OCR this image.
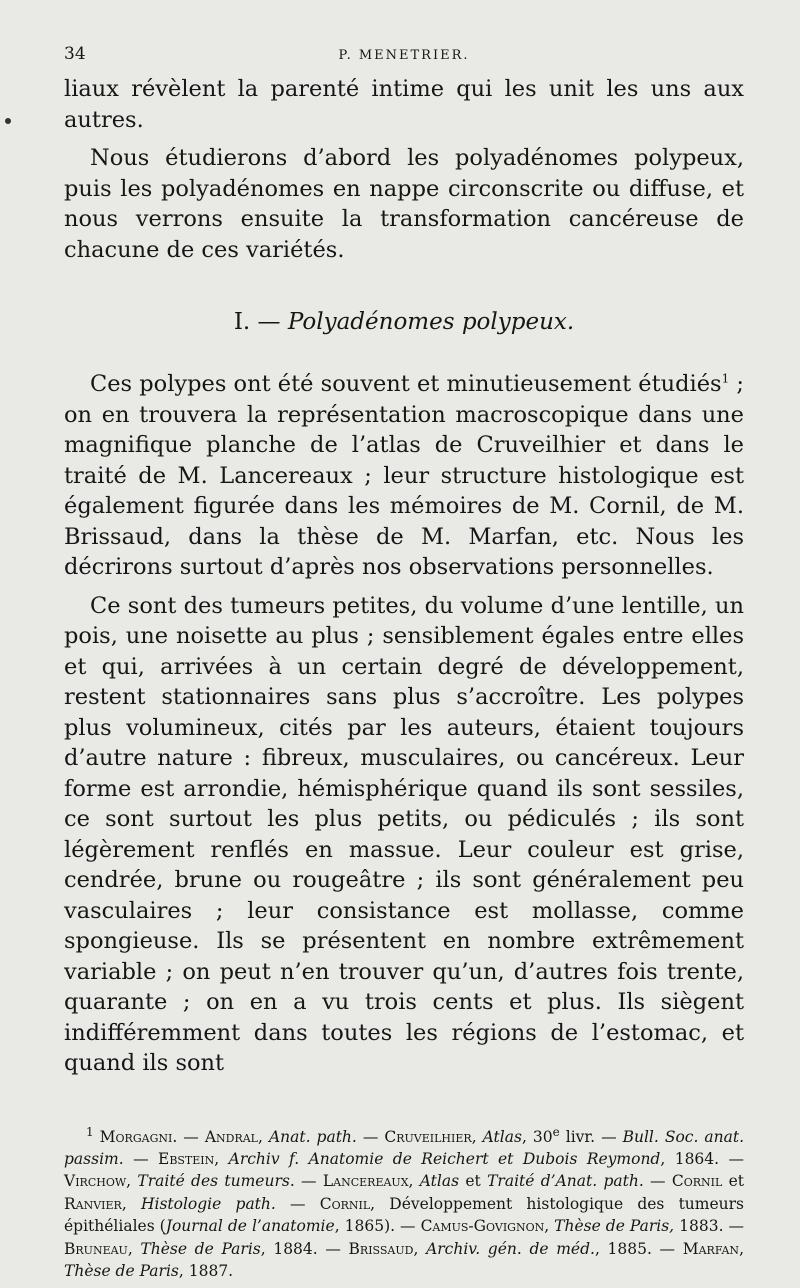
34	P. MENETRIER.

liaux révèlent la parenté intime qui les unit les uns aux autres.

Nous étudierons d’abord les polyadénomes polypeux, puis les polyadénomes en nappe circonscrite ou diffuse, et nous verrons ensuite la transformation cancéreuse de chacune de ces variétés.

I. — Polyadénomes polypeux.

Ces polypes ont été souvent et minutieusement étudiés$^1$ ; on en trouvera la représentation macroscopique dans une magnifique planche de l’atlas de Cruveilhier et dans le traité de M. Lancereaux ; leur structure histologique est également figurée dans les mémoires de M. Cornil, de M. Brissaud, dans la thèse de M. Marfan, etc. Nous les décrirons surtout d’après nos observations personnelles.

Ce sont des tumeurs petites, du volume d’une lentille, un pois, une noisette au plus ; sensiblement égales entre elles et qui, arrivées à un certain degré de développement, restent stationnaires sans plus s’accroître. Les polypes plus volumineux, cités par les auteurs, étaient toujours d’autre nature : fibreux, musculaires, ou cancéreux. Leur forme est arrondie, hémisphérique quand ils sont sessiles, ce sont surtout les plus petits, ou pédiculés ; ils sont légèrement renflés en massue. Leur couleur est grise, cendrée, brune ou rougeâtre ; ils sont généralement peu vasculaires ; leur consistance est mollasse, comme spongieuse. Ils se présentent en nombre extrêmement variable ; on peut n’en trouver qu’un, d’autres fois trente, quarante ; on en a vu trois cents et plus. Ils siègent indifféremment dans toutes les régions de l’estomac, et quand ils sont

$^1$ Morgagni. — Andral, Anat. path. — Cruveilhier, Atlas, 30e livr. — Bull. Soc. anat. passim. — Ebstein, Archiv f. Anatomie de Reichert et Dubois Reymond, 1864. — Virchow, Traité des tumeurs. — Lancereaux, Atlas et Traité d’Anat. path. — Cornil et Ranvier, Histologie path. — Cornil, Développement histologique des tumeurs épithéliales (Journal de l’anatomie, 1865). — Camus-Govignon, Thèse de Paris, 1883. — Bruneau, Thèse de Paris, 1884. — Brissaud, Archiv. gén. de méd., 1885. — Marfan, Thèse de Paris, 1887.
